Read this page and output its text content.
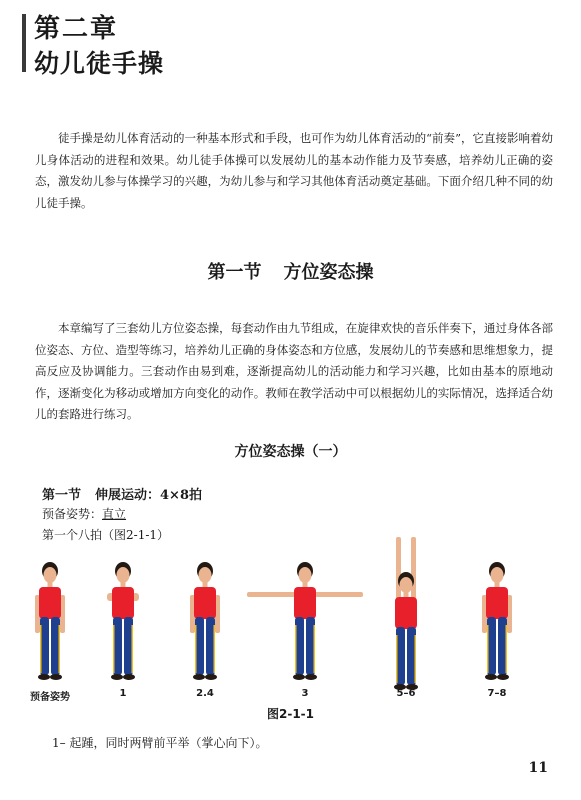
第二章
幼儿徒手操

徒手操是幼儿体育活动的一种基本形式和手段，也可作为幼儿体育活动的“前奏”，它直接影响着幼儿身体活动的进程和效果。幼儿徒手体操可以发展幼儿的基本动作能力及节奏感，培养幼儿正确的姿态，激发幼儿参与体操学习的兴趣，为幼儿参与和学习其他体育活动奠定基础。下面介绍几种不同的幼儿徒手操。

第一节 方位姿态操

本章编写了三套幼儿方位姿态操，每套动作由九节组成，在旋律欢快的音乐伴奏下，通过身体各部位姿态、方位、造型等练习，培养幼儿正确的身体姿态和方位感，发展幼儿的节奏感和思维想象力，提高反应及协调能力。三套动作由易到难，逐渐提高幼儿的活动能力和学习兴趣，比如由基本的原地动作，逐渐变化为移动或增加方向变化的动作。教师在教学活动中可以根据幼儿的实际情况，选择适合幼儿的套路进行练习。

方位姿态操（一）
第一节 伸展运动：4×8拍
预备姿势：直立
第一个八拍（图2-1-1）
预备姿势	1	2.4	3	5–6	7–8
图2-1-1
1– 起踵，同时两臂前平举（掌心向下）。
11
